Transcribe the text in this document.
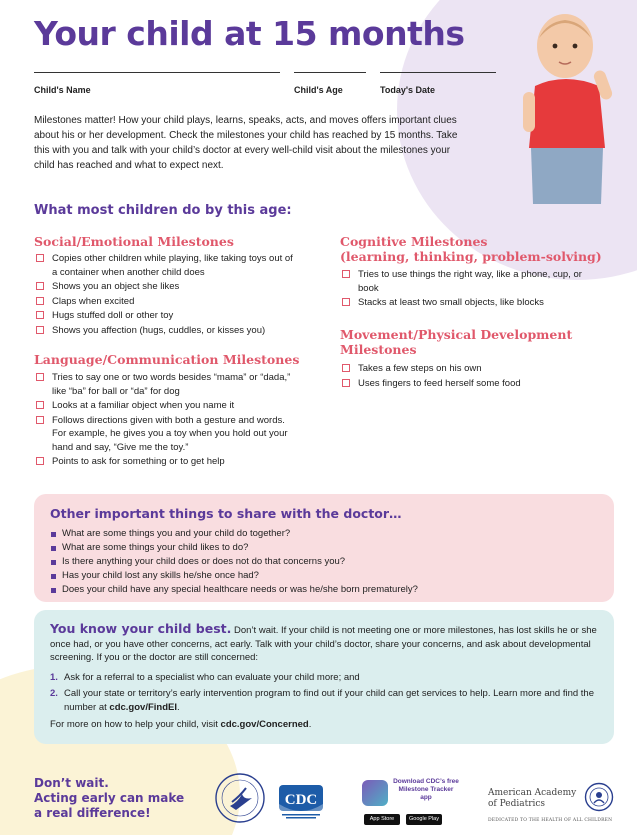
Your child at 15 months
Child's Name	Child's Age	Today's Date

Milestones matter! How your child plays, learns, speaks, acts, and moves offers important clues about his or her development. Check the milestones your child has reached by 15 months. Take this with you and talk with your child’s doctor at every well-child visit about the milestones your child has reached and what to expect next.

What most children do by this age:
Social/Emotional Milestones
Copies other children while playing, like taking toys out of a container when another child does
Shows you an object she likes
Claps when excited
Hugs stuffed doll or other toy
Shows you affection (hugs, cuddles, or kisses you)
Language/Communication Milestones
Tries to say one or two words besides “mama” or “dada,” like “ba” for ball or “da” for dog
Looks at a familiar object when you name it
Follows directions given with both a gesture and words. For example, he gives you a toy when you hold out your hand and say, “Give me the toy.”
Points to ask for something or to get help
Cognitive Milestones
(learning, thinking, problem-solving)
Tries to use things the right way, like a phone, cup, or book
Stacks at least two small objects, like blocks
Movement/Physical Development
Milestones
Takes a few steps on his own
Uses fingers to feed herself some food
Other important things to share with the doctor…
What are some things you and your child do together?
What are some things your child likes to do?
Is there anything your child does or does not do that concerns you?
Has your child lost any skills he/she once had?
Does your child have any special healthcare needs or was he/she born prematurely?

You know your child best. Don’t wait. If your child is not meeting one or more milestones, has lost skills he or she once had, or you have other concerns, act early. Talk with your child’s doctor, share your concerns, and ask about developmental screening. If you or the doctor are still concerned:

1. Ask for a referral to a specialist who can evaluate your child more; and
2. Call your state or territory’s early intervention program to find out if your child can get services to help. Learn more and find the number at cdc.gov/FindEI.

For more on how to help your child, visit cdc.gov/Concerned.

Don’t wait.
Acting early can make
a real difference!
CDC
Download CDC’s free Milestone Tracker app
App Store	Google Play
American Academy
of Pediatrics
DEDICATED TO THE HEALTH OF ALL CHILDREN
